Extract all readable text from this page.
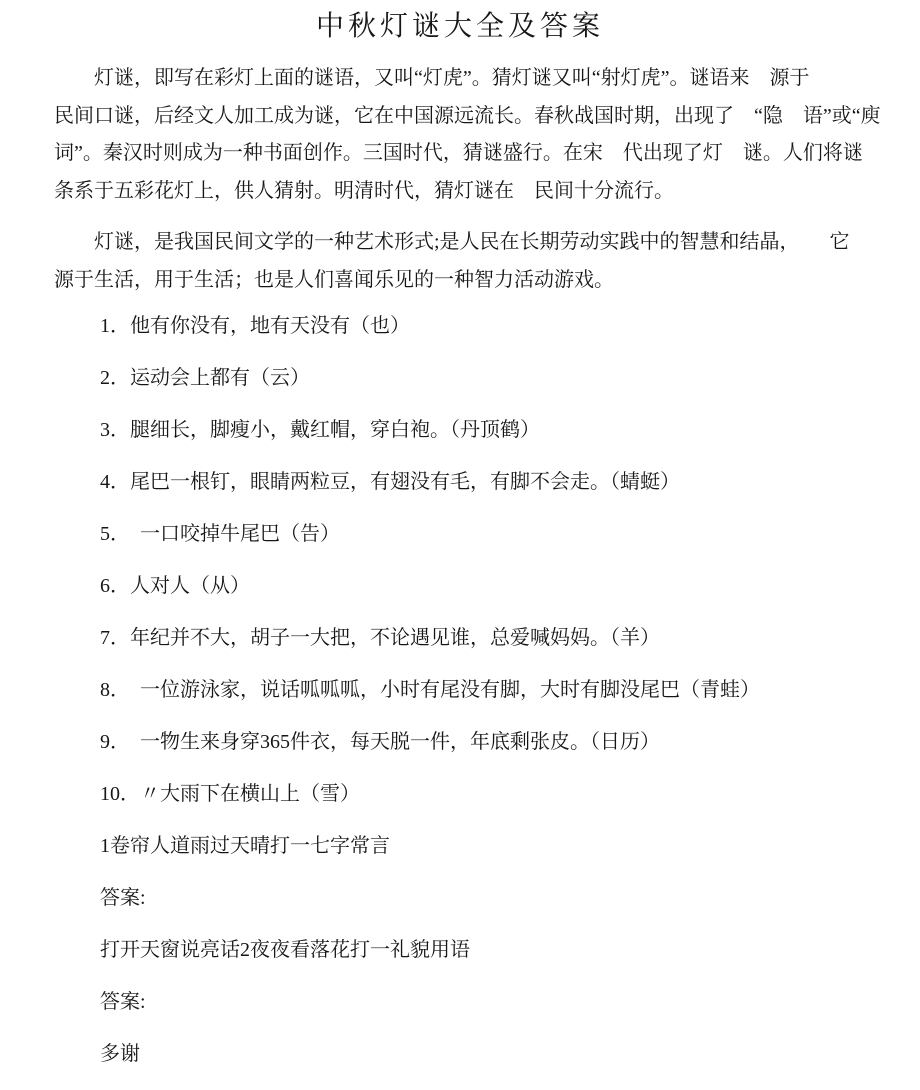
中秋灯谜大全及答案
灯谜，即写在彩灯上面的谜语，又叫“灯虎”。猜灯谜又叫“射灯虎”。谜语来　源于
民间口谜，后经文人加工成为谜，它在中国源远流长。春秋战国时期，出现了　“隐　语”或“庾
词”。秦汉时则成为一种书面创作。三国时代，猜谜盛行。在宋　代出现了灯　谜。人们将谜
条系于五彩花灯上，供人猜射。明清时代，猜灯谜在　民间十分流行。
灯谜，是我国民间文学的一种艺术形式;是人民在长期劳动实践中的智慧和结晶，　　它
源于生活，用于生活；也是人们喜闻乐见的一种智力活动游戏。
1．他有你没有，地有天没有（也）
2．运动会上都有（云）
3．腿细长，脚瘦小，戴红帽，穿白袍。（丹顶鹤）
4．尾巴一根钉，眼睛两粒豆，有翅没有毛，有脚不会走。（蜻蜓）
5．　一口咬掉牛尾巴（告）
6．人对人（从）
7．年纪并不大，胡子一大把，不论遇见谁，总爱喊妈妈。（羊）
8．　一位游泳家，说话呱呱呱，小时有尾没有脚，大时有脚没尾巴（青蛙）
9．　一物生来身穿365件衣，每天脱一件，年底剩张皮。（日历）
10．〃大雨下在横山上（雪）
1卷帘人道雨过天晴打一七字常言
答案:
打开天窗说亮话2夜夜看落花打一礼貌用语
答案:
多谢
